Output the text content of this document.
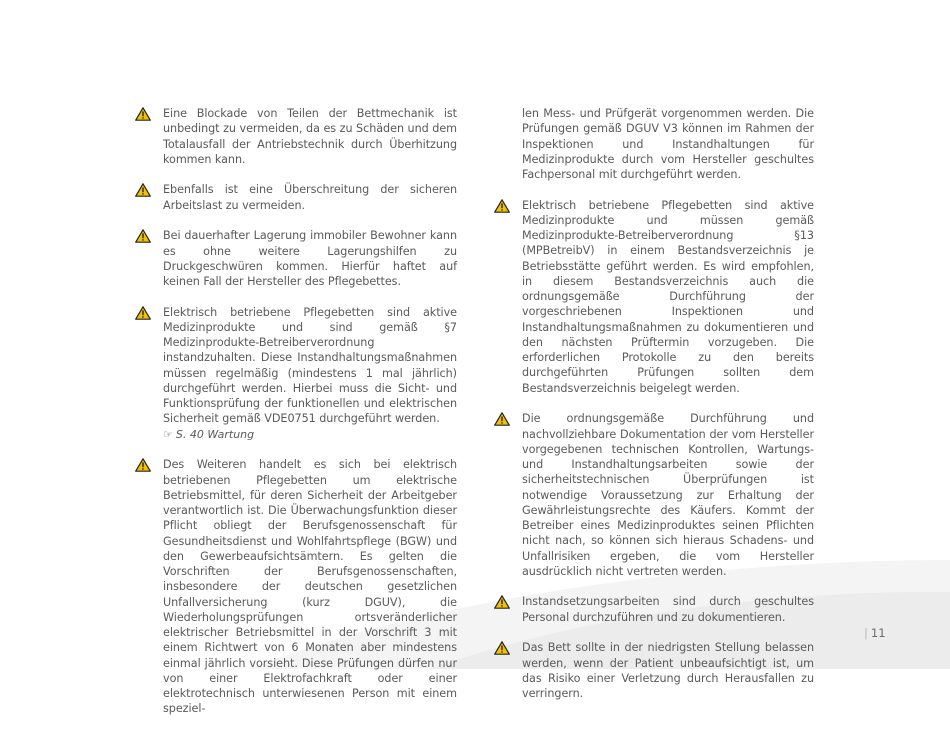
Eine Blockade von Teilen der Bettmechanik ist unbedingt zu vermeiden, da es zu Schäden und dem Totalausfall der Antriebstechnik durch Überhitzung kommen kann.

Ebenfalls ist eine Überschreitung der sicheren Arbeitslast zu vermeiden.

Bei dauerhafter Lagerung immobiler Bewohner kann es ohne weitere Lagerungshilfen zu Druckgeschwüren kommen. Hierfür haftet auf keinen Fall der Hersteller des Pflegebettes.

Elektrisch betriebene Pflegebetten sind aktive Medizinprodukte und sind gemäß §7 Medizinprodukte-Betreiberverordnung instandzuhalten. Diese Instandhaltungsmaßnahmen müssen regelmäßig (mindestens 1 mal jährlich) durchgeführt werden. Hierbei muss die Sicht- und Funktionsprüfung der funktionellen und elektrischen Sicherheit gemäß VDE0751 durchgeführt werden.

☞ S. 40 Wartung

Des Weiteren handelt es sich bei elektrisch betriebenen Pflegebetten um elektrische Betriebsmittel, für deren Sicherheit der Arbeitgeber verantwortlich ist. Die Überwachungsfunktion dieser Pflicht obliegt der Berufsgenossenschaft für Gesundheitsdienst und Wohlfahrtspflege (BGW) und den Gewerbeaufsichtsämtern. Es gelten die Vorschriften der Berufsgenossenschaften, insbesondere der deutschen gesetzlichen Unfallversicherung (kurz DGUV), die Wiederholungsprüfungen ortsveränderlicher elektrischer Betriebsmittel in der Vorschrift 3 mit einem Richtwert von 6 Monaten aber mindestens einmal jährlich vorsieht. Diese Prüfungen dürfen nur von einer Elektrofachkraft oder einer elektrotechnisch unterwiesenen Person mit einem speziel-

len Mess- und Prüfgerät vorgenommen werden. Die Prüfungen gemäß DGUV V3 können im Rahmen der Inspektionen und Instandhaltungen für Medizinprodukte durch vom Hersteller geschultes Fachpersonal mit durchgeführt werden.

Elektrisch betriebene Pflegebetten sind aktive Medizinprodukte und müssen gemäß Medizinprodukte-Betreiberverordnung §13 (MPBetreibV) in einem Bestandsverzeichnis je Betriebsstätte geführt werden. Es wird empfohlen, in diesem Bestandsverzeichnis auch die ordnungsgemäße Durchführung der vorgeschriebenen Inspektionen und Instandhaltungsmaßnahmen zu dokumentieren und den nächsten Prüftermin vorzugeben. Die erforderlichen Protokolle zu den bereits durchgeführten Prüfungen sollten dem Bestandsverzeichnis beigelegt werden.

Die ordnungsgemäße Durchführung und nachvollziehbare Dokumentation der vom Hersteller vorgegebenen technischen Kontrollen, Wartungs- und Instandhaltungsarbeiten sowie der sicherheitstechnischen Überprüfungen ist notwendige Voraussetzung zur Erhaltung der Gewährleistungsrechte des Käufers. Kommt der Betreiber eines Medizinproduktes seinen Pflichten nicht nach, so können sich hieraus Schadens- und Unfallrisiken ergeben, die vom Hersteller ausdrücklich nicht vertreten werden.

Instandsetzungsarbeiten sind durch geschultes Personal durchzuführen und zu dokumentieren.

Das Bett sollte in der niedrigsten Stellung belassen werden, wenn der Patient unbeaufsichtigt ist, um das Risiko einer Verletzung durch Herausfallen zu verringern.

| 11
